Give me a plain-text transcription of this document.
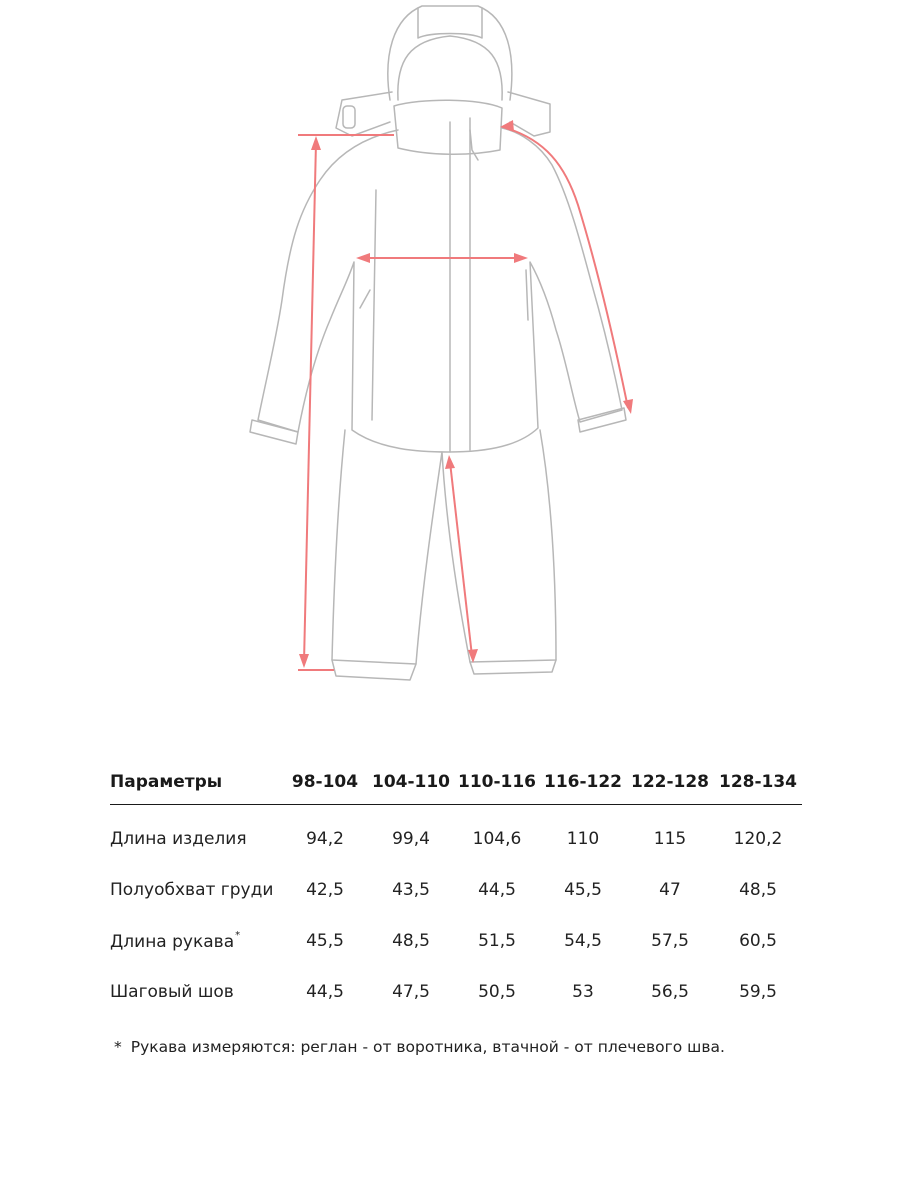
Параметры	98-104	104-110	110-116	116-122	122-128	128-134
Длина изделия	94,2	99,4	104,6	110	115	120,2
Полуобхват груди	42,5	43,5	44,5	45,5	47	48,5
Длина рукава*	45,5	48,5	51,5	54,5	57,5	60,5
Шаговый шов	44,5	47,5	50,5	53	56,5	59,5
* Рукава измеряются: реглан - от воротника, втачной - от плечевого шва.
